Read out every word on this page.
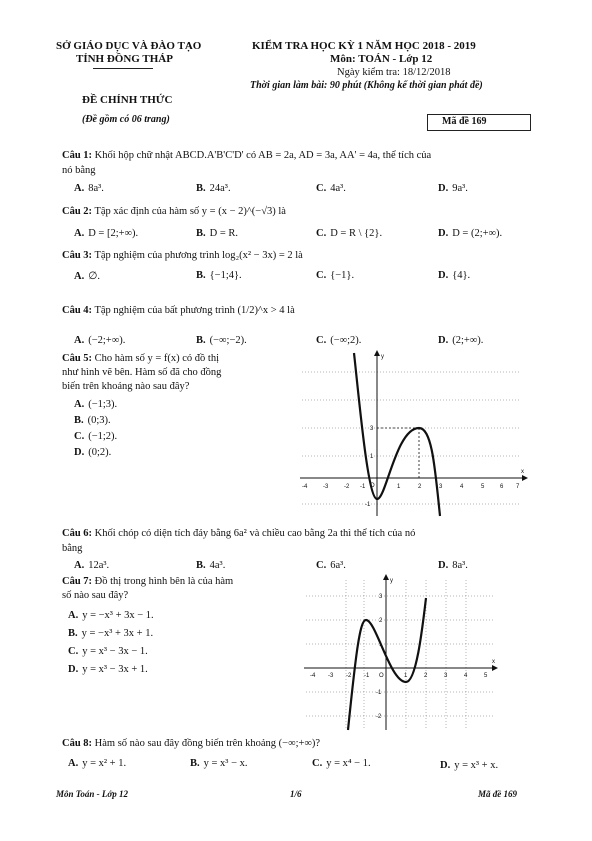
SỞ GIÁO DỤC VÀ ĐÀO TẠO
TỈNH ĐỒNG THÁP
ĐỀ CHÍNH THỨC
(Đề gồm có 06 trang)
KIỂM TRA HỌC KỲ 1 NĂM HỌC 2018 - 2019
Môn: TOÁN - Lớp 12
Ngày kiểm tra: 18/12/2018
Thời gian làm bài: 90 phút (Không kể thời gian phát đề)
Mã đề 169
Câu 1: Khối hộp chữ nhật ABCD.A'B'C'D' có AB = 2a, AD = 3a, AA' = 4a, thể tích của
nó bằng
A. 8a³.	B. 24a³.	C. 4a³.	D. 9a³.
Câu 2: Tập xác định của hàm số y = (x − 2)^(−√3) là
A. D = [2;+∞).	B. D = R.	C. D = R \ {2}.	D. D = (2;+∞).
Câu 3: Tập nghiệm của phương trình log₂(x² − 3x) = 2 là
A. ∅.	B. {−1;4}.	C. {−1}.	D. {4}.
Câu 4: Tập nghiệm của bất phương trình (1/2)^x > 4 là
A. (−2;+∞).	B. (−∞;−2).	C. (−∞;2).	D. (2;+∞).
Câu 5: Cho hàm số y = f(x) có đồ thị
như hình vẽ bên. Hàm số đã cho đồng
biến trên khoảng nào sau đây?
A. (−1;3).
B. (0;3).
C. (−1;2).
D. (0;2).
-4	-3	-2 -1	1	2	3	4	5	6 7
3
1
-1
x
y
O
Câu 6: Khối chóp có diện tích đáy bằng 6a² và chiều cao bằng 2a thì thể tích của nó
bằng
A. 12a³.	B. 4a³.	C. 6a³.	D. 8a³.
Câu 7: Đồ thị trong hình bên là của hàm
số nào sau đây?
A. y = −x³ + 3x − 1.
B. y = −x³ + 3x + 1.
C. y = x³ − 3x − 1.
D. y = x³ − 3x + 1.
-4 -3 -2 -1	1	2	3	4	5
3
2
1
-1
-2
x
y
O
Câu 8: Hàm số nào sau đây đồng biến trên khoảng (−∞;+∞)?
A. y = x² + 1.	B. y = x³ − x.	C. y = x⁴ − 1.	D. y = x³ + x.
Môn Toán - Lớp 12	1/6	Mã đề 169
